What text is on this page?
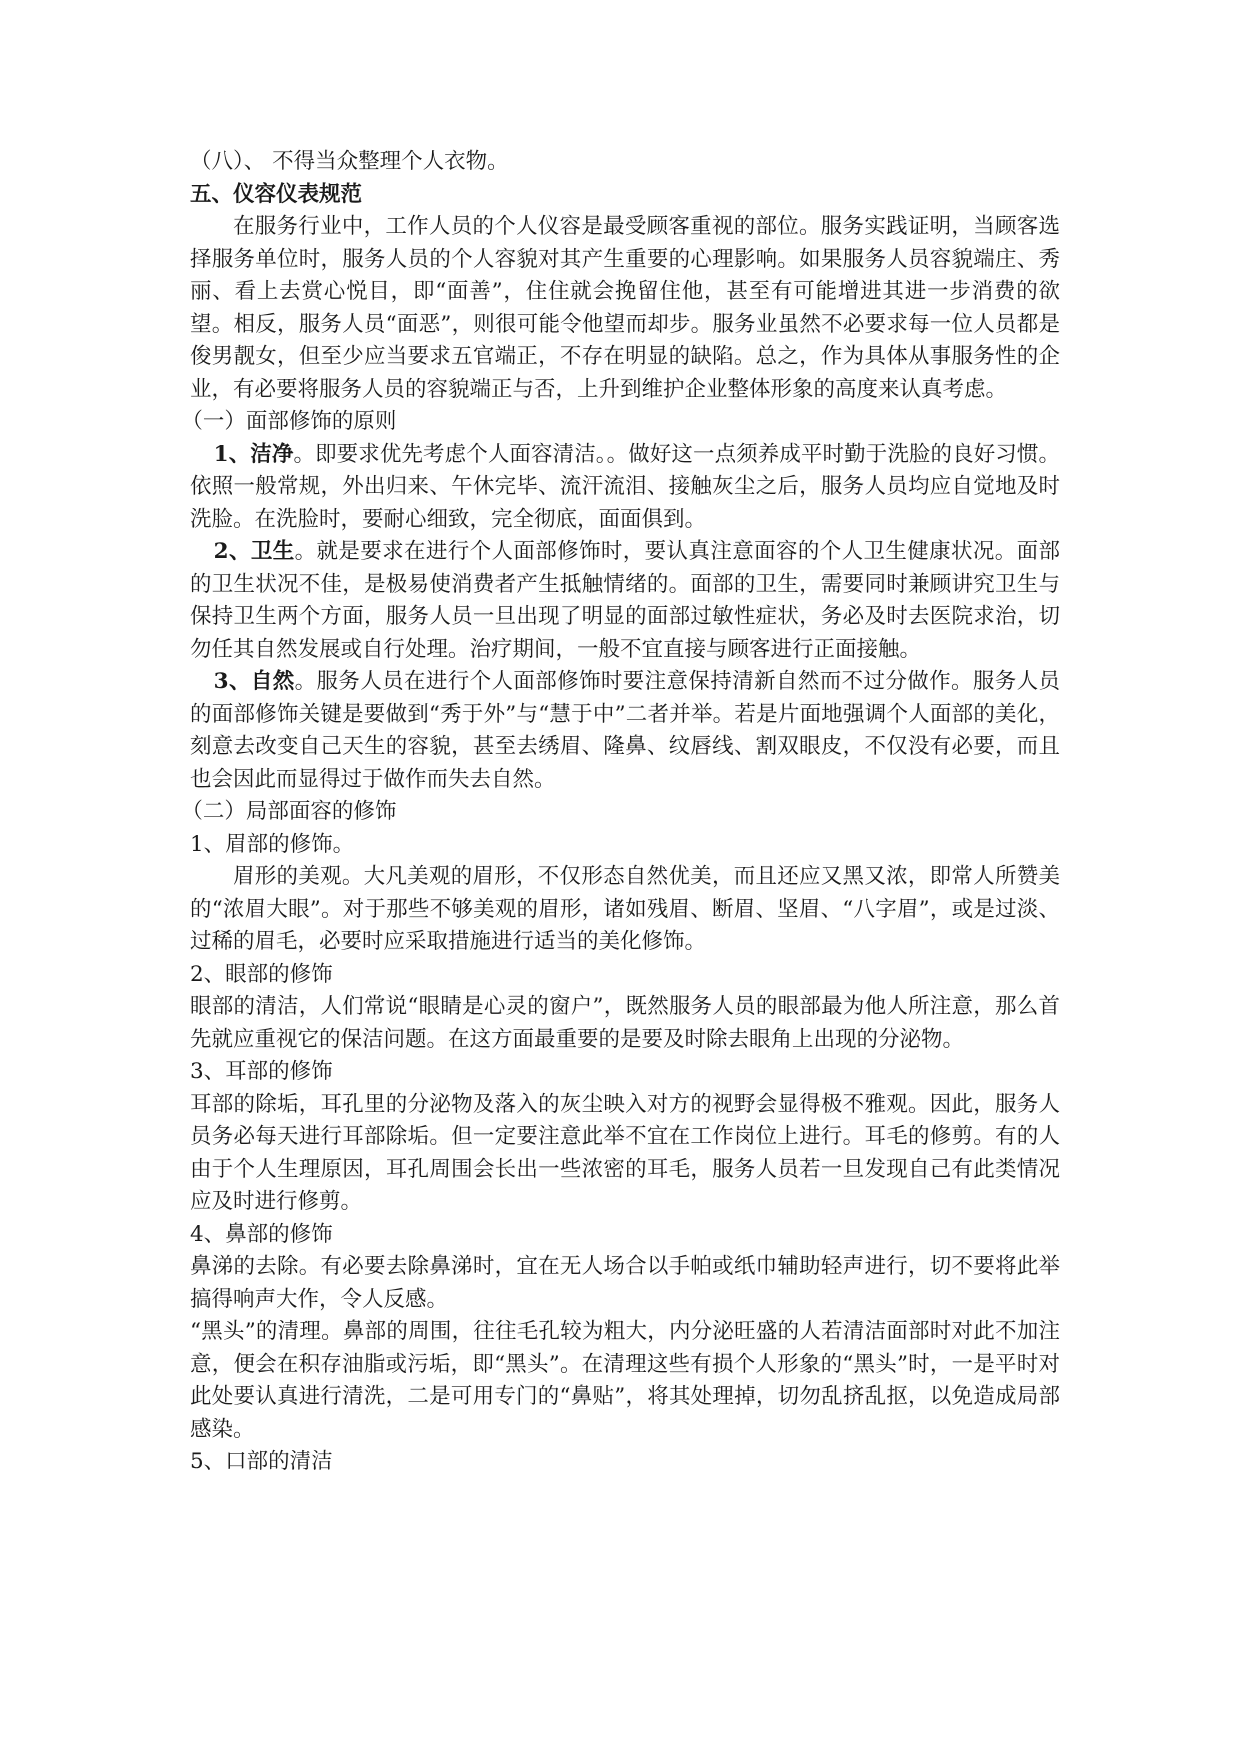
（八）、 不得当众整理个人衣物。

五、仪容仪表规范

在服务行业中，工作人员的个人仪容是最受顾客重视的部位。服务实践证明，当顾客选择服务单位时，服务人员的个人容貌对其产生重要的心理影响。如果服务人员容貌端庄、秀丽、看上去赏心悦目，即“面善”，住住就会挽留住他，甚至有可能增进其进一步消费的欲望。相反，服务人员“面恶”，则很可能令他望而却步。服务业虽然不必要求每一位人员都是俊男靓女，但至少应当要求五官端正，不存在明显的缺陷。总之，作为具体从事服务性的企业，有必要将服务人员的容貌端正与否，上升到维护企业整体形象的高度来认真考虑。

（一）面部修饰的原则

1、洁净。即要求优先考虑个人面容清洁。。做好这一点须养成平时勤于洗脸的良好习惯。依照一般常规，外出归来、午休完毕、流汗流泪、接触灰尘之后，服务人员均应自觉地及时洗脸。在洗脸时，要耐心细致，完全彻底，面面俱到。

2、卫生。就是要求在进行个人面部修饰时，要认真注意面容的个人卫生健康状况。面部的卫生状况不佳，是极易使消费者产生抵触情绪的。面部的卫生，需要同时兼顾讲究卫生与保持卫生两个方面，服务人员一旦出现了明显的面部过敏性症状，务必及时去医院求治，切勿任其自然发展或自行处理。治疗期间，一般不宜直接与顾客进行正面接触。

3、自然。服务人员在进行个人面部修饰时要注意保持清新自然而不过分做作。服务人员的面部修饰关键是要做到“秀于外”与“慧于中”二者并举。若是片面地强调个人面部的美化，刻意去改变自己天生的容貌，甚至去绣眉、隆鼻、纹唇线、割双眼皮，不仅没有必要，而且也会因此而显得过于做作而失去自然。

（二）局部面容的修饰

1、眉部的修饰。

眉形的美观。大凡美观的眉形，不仅形态自然优美，而且还应又黑又浓，即常人所赞美的“浓眉大眼”。对于那些不够美观的眉形，诸如残眉、断眉、坚眉、“八字眉”，或是过淡、过稀的眉毛，必要时应采取措施进行适当的美化修饰。

2、眼部的修饰

眼部的清洁，人们常说“眼睛是心灵的窗户”，既然服务人员的眼部最为他人所注意，那么首先就应重视它的保洁问题。在这方面最重要的是要及时除去眼角上出现的分泌物。

3、耳部的修饰

耳部的除垢，耳孔里的分泌物及落入的灰尘映入对方的视野会显得极不雅观。因此，服务人员务必每天进行耳部除垢。但一定要注意此举不宜在工作岗位上进行。耳毛的修剪。有的人由于个人生理原因，耳孔周围会长出一些浓密的耳毛，服务人员若一旦发现自己有此类情况应及时进行修剪。

4、鼻部的修饰

鼻涕的去除。有必要去除鼻涕时，宜在无人场合以手帕或纸巾辅助轻声进行，切不要将此举搞得响声大作，令人反感。

“黑头”的清理。鼻部的周围，往往毛孔较为粗大，内分泌旺盛的人若清洁面部时对此不加注意，便会在积存油脂或污垢，即“黑头”。在清理这些有损个人形象的“黑头”时，一是平时对此处要认真进行清洗，二是可用专门的“鼻贴”，将其处理掉，切勿乱挤乱抠，以免造成局部感染。

5、口部的清洁
